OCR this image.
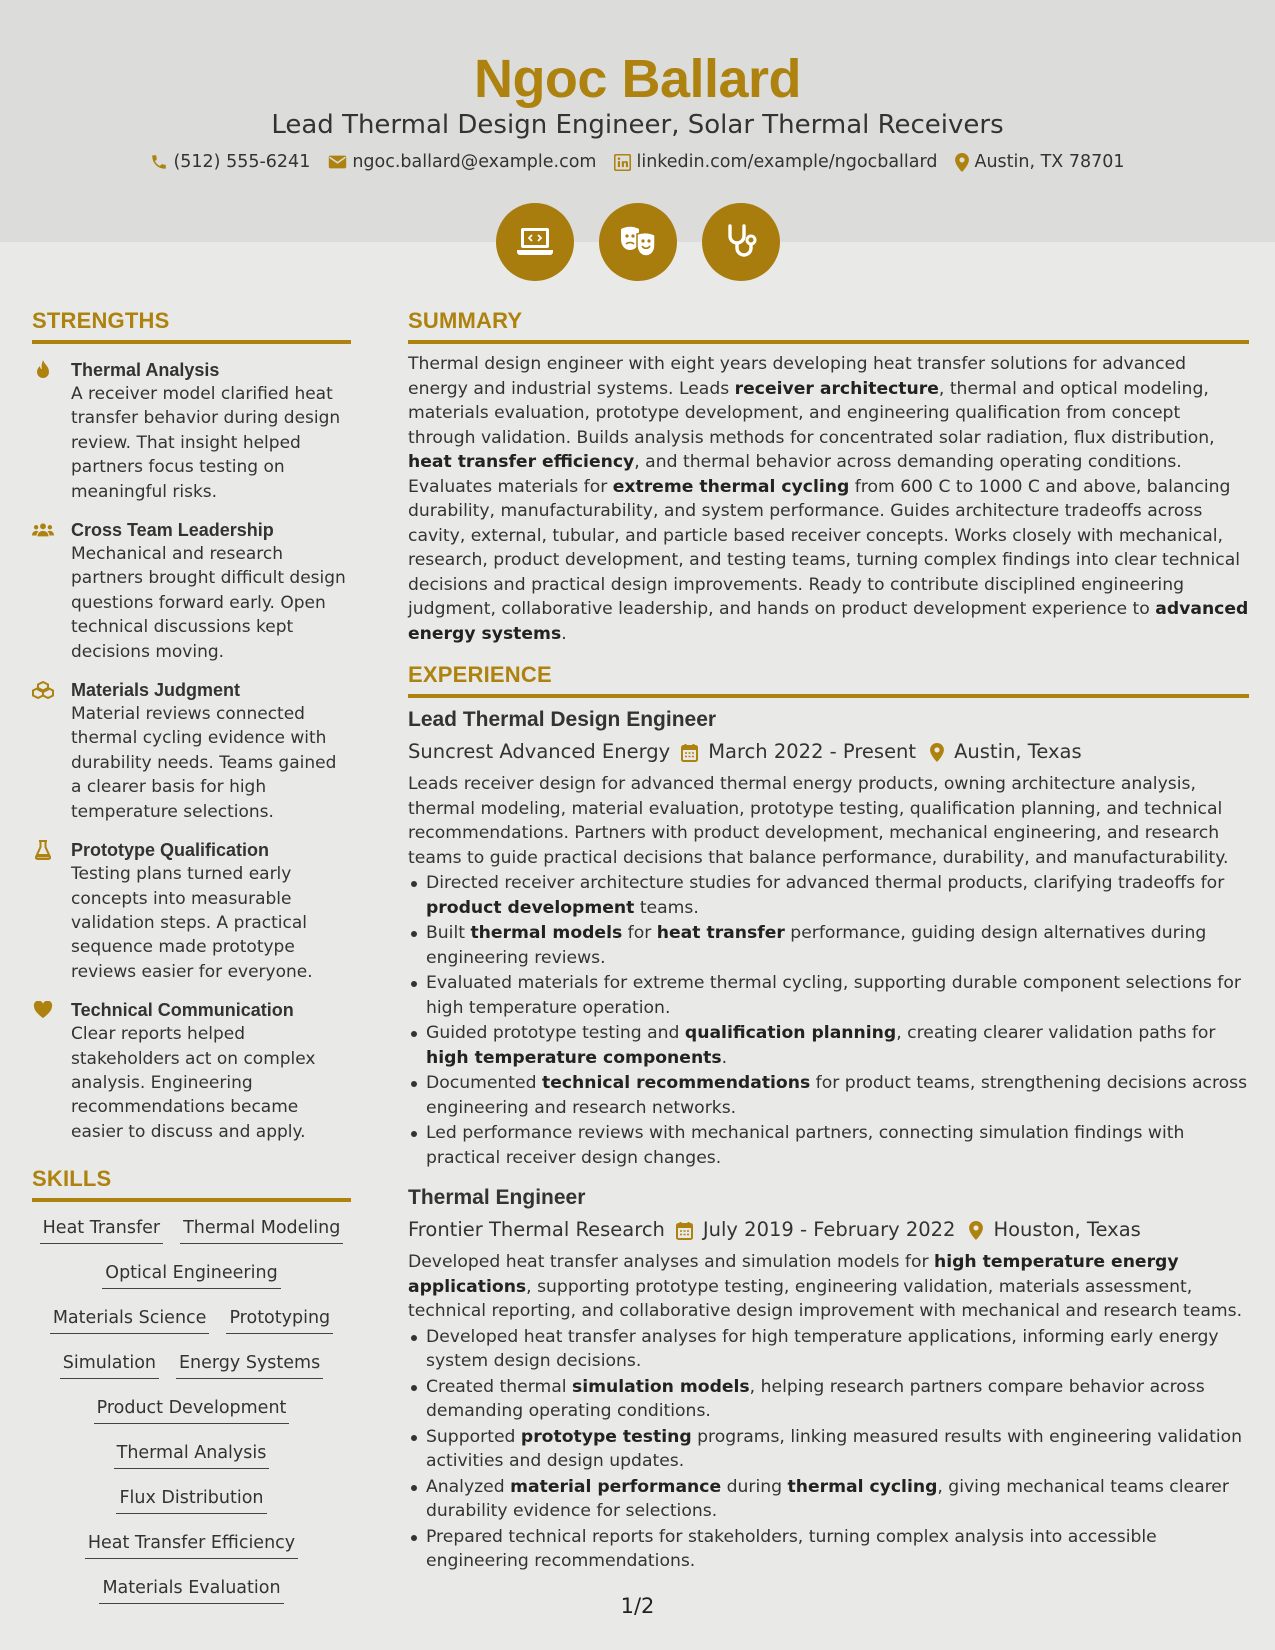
Ngoc Ballard
Lead Thermal Design Engineer, Solar Thermal Receivers
(512) 555-6241 ngoc.ballard@example.com linkedin.com/example/ngocballard Austin, TX 78701
STRENGTHS
Thermal Analysis
A receiver model clarified heat transfer behavior during design review. That insight helped partners focus testing on meaningful risks.
Cross Team Leadership
Mechanical and research partners brought difficult design questions forward early. Open technical discussions kept decisions moving.
Materials Judgment
Material reviews connected thermal cycling evidence with durability needs. Teams gained a clearer basis for high temperature selections.
Prototype Qualification
Testing plans turned early concepts into measurable validation steps. A practical sequence made prototype reviews easier for everyone.
Technical Communication
Clear reports helped stakeholders act on complex analysis. Engineering recommendations became easier to discuss and apply.
SKILLS
Heat Transfer Thermal Modeling
Optical Engineering
Materials Science Prototyping
Simulation Energy Systems
Product Development
Thermal Analysis
Flux Distribution
Heat Transfer Efficiency
Materials Evaluation
SUMMARY

Thermal design engineer with eight years developing heat transfer solutions for advanced energy and industrial systems. Leads receiver architecture, thermal and optical modeling, materials evaluation, prototype development, and engineering qualification from concept through validation. Builds analysis methods for concentrated solar radiation, flux distribution, heat transfer efficiency, and thermal behavior across demanding operating conditions. Evaluates materials for extreme thermal cycling from 600 C to 1000 C and above, balancing durability, manufacturability, and system performance. Guides architecture tradeoffs across cavity, external, tubular, and particle based receiver concepts. Works closely with mechanical, research, product development, and testing teams, turning complex findings into clear technical decisions and practical design improvements. Ready to contribute disciplined engineering judgment, collaborative leadership, and hands on product development experience to advanced energy systems.

EXPERIENCE
Lead Thermal Design Engineer
Suncrest Advanced Energy March 2022 - Present Austin, Texas

Leads receiver design for advanced thermal energy products, owning architecture analysis, thermal modeling, material evaluation, prototype testing, qualification planning, and technical recommendations. Partners with product development, mechanical engineering, and research teams to guide practical decisions that balance performance, durability, and manufacturability.

Directed receiver architecture studies for advanced thermal products, clarifying tradeoffs for product development teams.
Built thermal models for heat transfer performance, guiding design alternatives during engineering reviews.
Evaluated materials for extreme thermal cycling, supporting durable component selections for high temperature operation.
Guided prototype testing and qualification planning, creating clearer validation paths for high temperature components.
Documented technical recommendations for product teams, strengthening decisions across engineering and research networks.
Led performance reviews with mechanical partners, connecting simulation findings with practical receiver design changes.
Thermal Engineer
Frontier Thermal Research July 2019 - February 2022 Houston, Texas

Developed heat transfer analyses and simulation models for high temperature energy applications, supporting prototype testing, engineering validation, materials assessment, technical reporting, and collaborative design improvement with mechanical and research teams.

Developed heat transfer analyses for high temperature applications, informing early energy system design decisions.
Created thermal simulation models, helping research partners compare behavior across demanding operating conditions.
Supported prototype testing programs, linking measured results with engineering validation activities and design updates.
Analyzed material performance during thermal cycling, giving mechanical teams clearer durability evidence for selections.
Prepared technical reports for stakeholders, turning complex analysis into accessible engineering recommendations.
1/2
